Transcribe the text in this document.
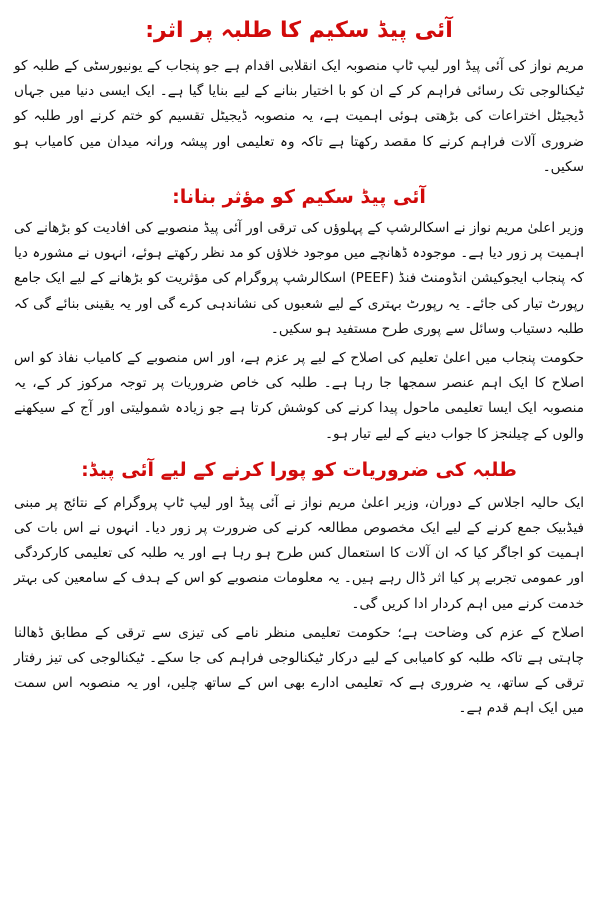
آئی پیڈ سکیم کا طلبہ پر اثر:

مریم نواز کی آئی پیڈ اور لیپ ٹاپ منصوبہ ایک انقلابی اقدام ہے جو پنجاب کے یونیورسٹی کے طلبہ کو ٹیکنالوجی تک رسائی فراہم کر کے ان کو با اختیار بنانے کے لیے بنایا گیا ہے۔ ایک ایسی دنیا میں جہاں ڈیجیٹل اختراعات کی بڑھتی ہوئی اہمیت ہے، یہ منصوبہ ڈیجیٹل تقسیم کو ختم کرنے اور طلبہ کو ضروری آلات فراہم کرنے کا مقصد رکھتا ہے تاکہ وہ تعلیمی اور پیشہ ورانہ میدان میں کامیاب ہو سکیں۔

آئی پیڈ سکیم کو مؤثر بنانا:

وزیر اعلیٰ مریم نواز نے اسکالرشپ کے پہلوؤں کی ترقی اور آئی پیڈ منصوبے کی افادیت کو بڑھانے کی اہمیت پر زور دیا ہے۔ موجودہ ڈھانچے میں موجود خلاؤں کو مد نظر رکھتے ہوئے، انہوں نے مشورہ دیا کہ پنجاب ایجوکیشن انڈومنٹ فنڈ (PEEF) اسکالرشپ پروگرام کی مؤثریت کو بڑھانے کے لیے ایک جامع رپورٹ تیار کی جائے۔ یہ رپورٹ بہتری کے لیے شعبوں کی نشاندہی کرے گی اور یہ یقینی بنائے گی کہ طلبہ دستیاب وسائل سے پوری طرح مستفید ہو سکیں۔

حکومت پنجاب میں اعلیٰ تعلیم کی اصلاح کے لیے پر عزم ہے، اور اس منصوبے کے کامیاب نفاذ کو اس اصلاح کا ایک اہم عنصر سمجھا جا رہا ہے۔ طلبہ کی خاص ضروریات پر توجہ مرکوز کر کے، یہ منصوبہ ایک ایسا تعلیمی ماحول پیدا کرنے کی کوشش کرتا ہے جو زیادہ شمولیتی اور آج کے سیکھنے والوں کے چیلنجز کا جواب دینے کے لیے تیار ہو۔

طلبہ کی ضروریات کو پورا کرنے کے لیے آئی پیڈ:

ایک حالیہ اجلاس کے دوران، وزیر اعلیٰ مریم نواز نے آئی پیڈ اور لیپ ٹاپ پروگرام کے نتائج پر مبنی فیڈبیک جمع کرنے کے لیے ایک مخصوص مطالعہ کرنے کی ضرورت پر زور دیا۔ انہوں نے اس بات کی اہمیت کو اجاگر کیا کہ ان آلات کا استعمال کس طرح ہو رہا ہے اور یہ طلبہ کی تعلیمی کارکردگی اور عمومی تجربے پر کیا اثر ڈال رہے ہیں۔ یہ معلومات منصوبے کو اس کے ہدف کے سامعین کی بہتر خدمت کرنے میں اہم کردار ادا کریں گی۔

اصلاح کے عزم کی وضاحت ہے؛ حکومت تعلیمی منظر نامے کی تیزی سے ترقی کے مطابق ڈھالنا چاہتی ہے تاکہ طلبہ کو کامیابی کے لیے درکار ٹیکنالوجی فراہم کی جا سکے۔ ٹیکنالوجی کی تیز رفتار ترقی کے ساتھ، یہ ضروری ہے کہ تعلیمی ادارے بھی اس کے ساتھ چلیں، اور یہ منصوبہ اس سمت میں ایک اہم قدم ہے۔
